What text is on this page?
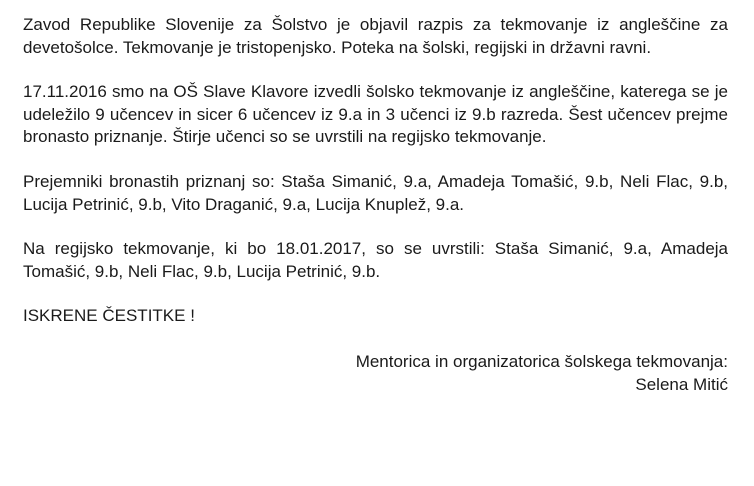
Zavod Republike Slovenije za Šolstvo je objavil razpis za tekmovanje iz angleščine za devetošolce. Tekmovanje je tristopenjsko. Poteka na šolski, regijski in državni ravni.

17.11.2016 smo na OŠ Slave Klavore izvedli šolsko tekmovanje iz angleščine, katerega se je udeležilo 9 učencev in sicer 6 učencev iz 9.a in 3 učenci iz 9.b razreda. Šest učencev prejme bronasto priznanje. Štirje učenci so se uvrstili na regijsko tekmovanje.

Prejemniki bronastih priznanj so: Staša Simanić, 9.a, Amadeja Tomašić, 9.b, Neli Flac, 9.b, Lucija Petrinić, 9.b, Vito Draganić, 9.a, Lucija Knuplež, 9.a.

Na regijsko tekmovanje, ki bo 18.01.2017, so se uvrstili: Staša Simanić, 9.a, Amadeja Tomašić, 9.b, Neli Flac, 9.b, Lucija Petrinić, 9.b.

ISKRENE ČESTITKE !

Mentorica in organizatorica šolskega tekmovanja:
Selena Mitić
